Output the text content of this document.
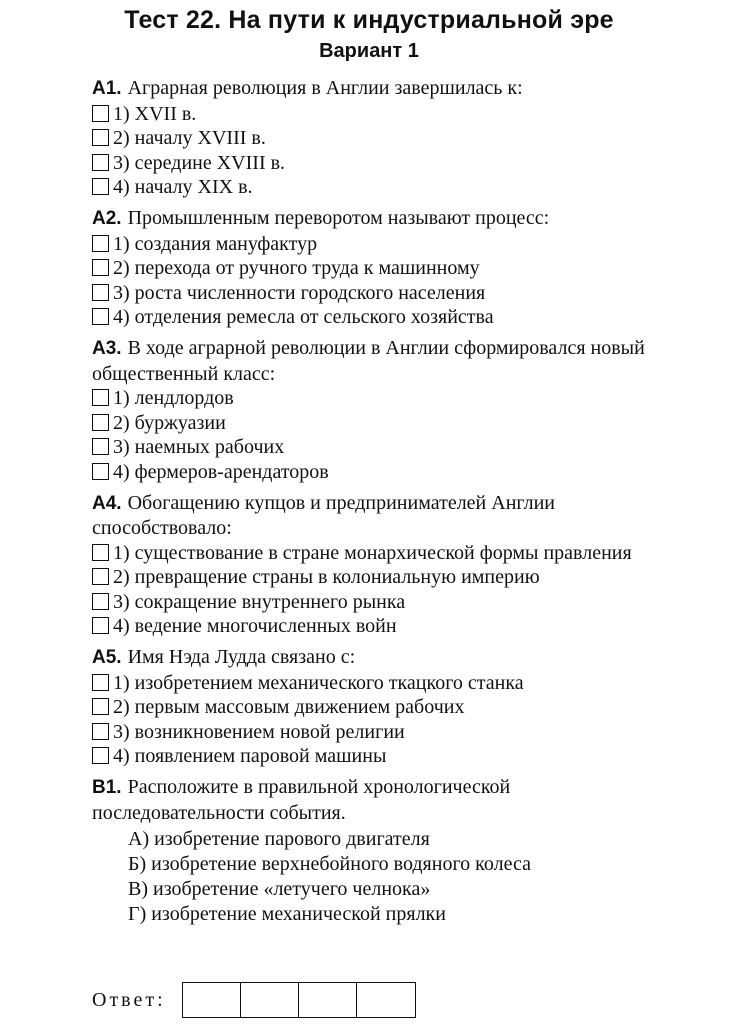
Тест 22. На пути к индустриальной эре
Вариант 1
А1. Аграрная революция в Англии завершилась к:
1) XVII в.
2) началу XVIII в.
3) середине XVIII в.
4) началу XIX в.
А2. Промышленным переворотом называют процесс:
1) создания мануфактур
2) перехода от ручного труда к машинному
3) роста численности городского населения
4) отделения ремесла от сельского хозяйства
А3. В ходе аграрной революции в Англии сформировался новый общественный класс:
1) лендлордов
2) буржуазии
3) наемных рабочих
4) фермеров-арендаторов
А4. Обогащению купцов и предпринимателей Англии способствовало:
1) существование в стране монархической формы правления
2) превращение страны в колониальную империю
3) сокращение внутреннего рынка
4) ведение многочисленных войн
А5. Имя Нэда Лудда связано с:
1) изобретением механического ткацкого станка
2) первым массовым движением рабочих
3) возникновением новой религии
4) появлением паровой машины
В1. Расположите в правильной хронологической последовательности события.
А) изобретение парового двигателя
Б) изобретение верхнебойного водяного колеса
В) изобретение «летучего челнока»
Г) изобретение механической прялки
Ответ:
